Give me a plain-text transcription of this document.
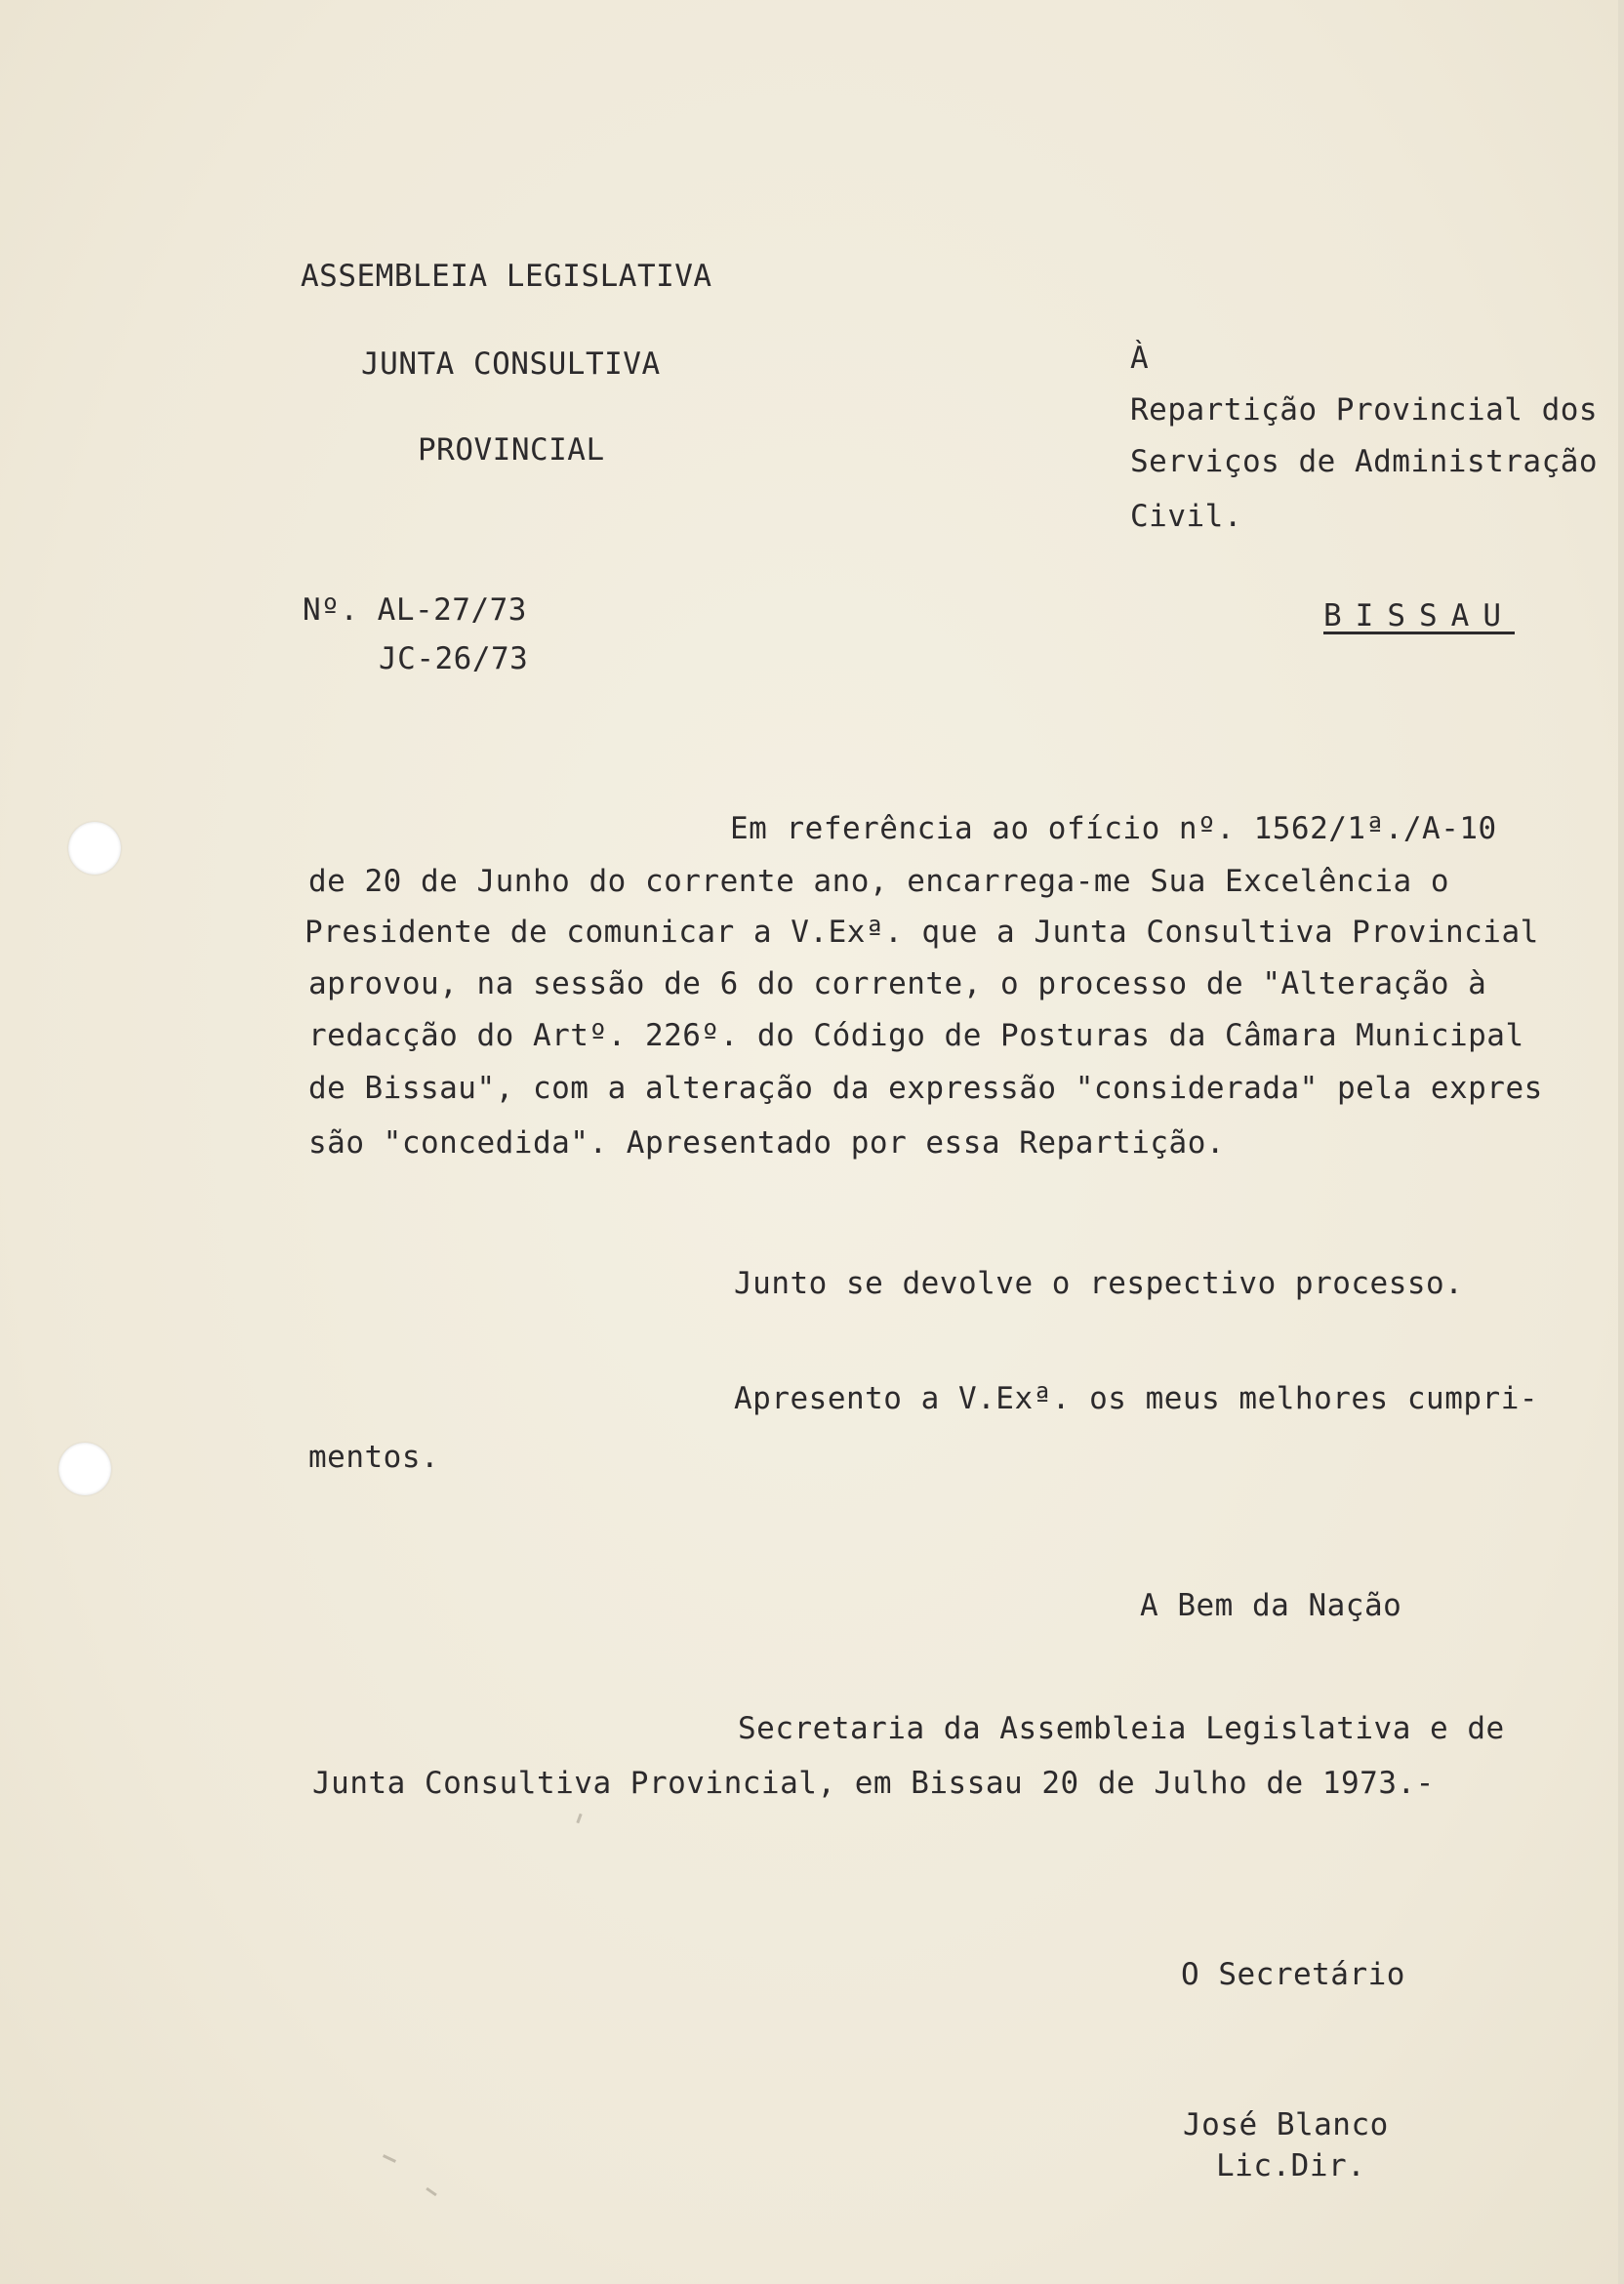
ASSEMBLEIA LEGISLATIVA
JUNTA CONSULTIVA
PROVINCIAL
Nº. AL-27/73
JC-26/73
À
Repartição Provincial dos
Serviços de Administração
Civil.
BISSAU
Em referência ao ofício nº. 1562/1ª./A-10
de 20 de Junho do corrente ano, encarrega-me Sua Excelência o
Presidente de comunicar a V.Exª. que a Junta Consultiva Provincial
aprovou, na sessão de 6 do corrente, o processo de "Alteração à
redacção do Artº. 226º. do Código de Posturas da Câmara Municipal
de Bissau", com a alteração da expressão "considerada" pela expres
são "concedida". Apresentado por essa Repartição.
Junto se devolve o respectivo processo.
Apresento a V.Exª. os meus melhores cumpri-
mentos.
A Bem da Nação
Secretaria da Assembleia Legislativa e de
Junta Consultiva Provincial, em Bissau 20 de Julho de 1973.-
O Secretário
José Blanco
Lic.Dir.
